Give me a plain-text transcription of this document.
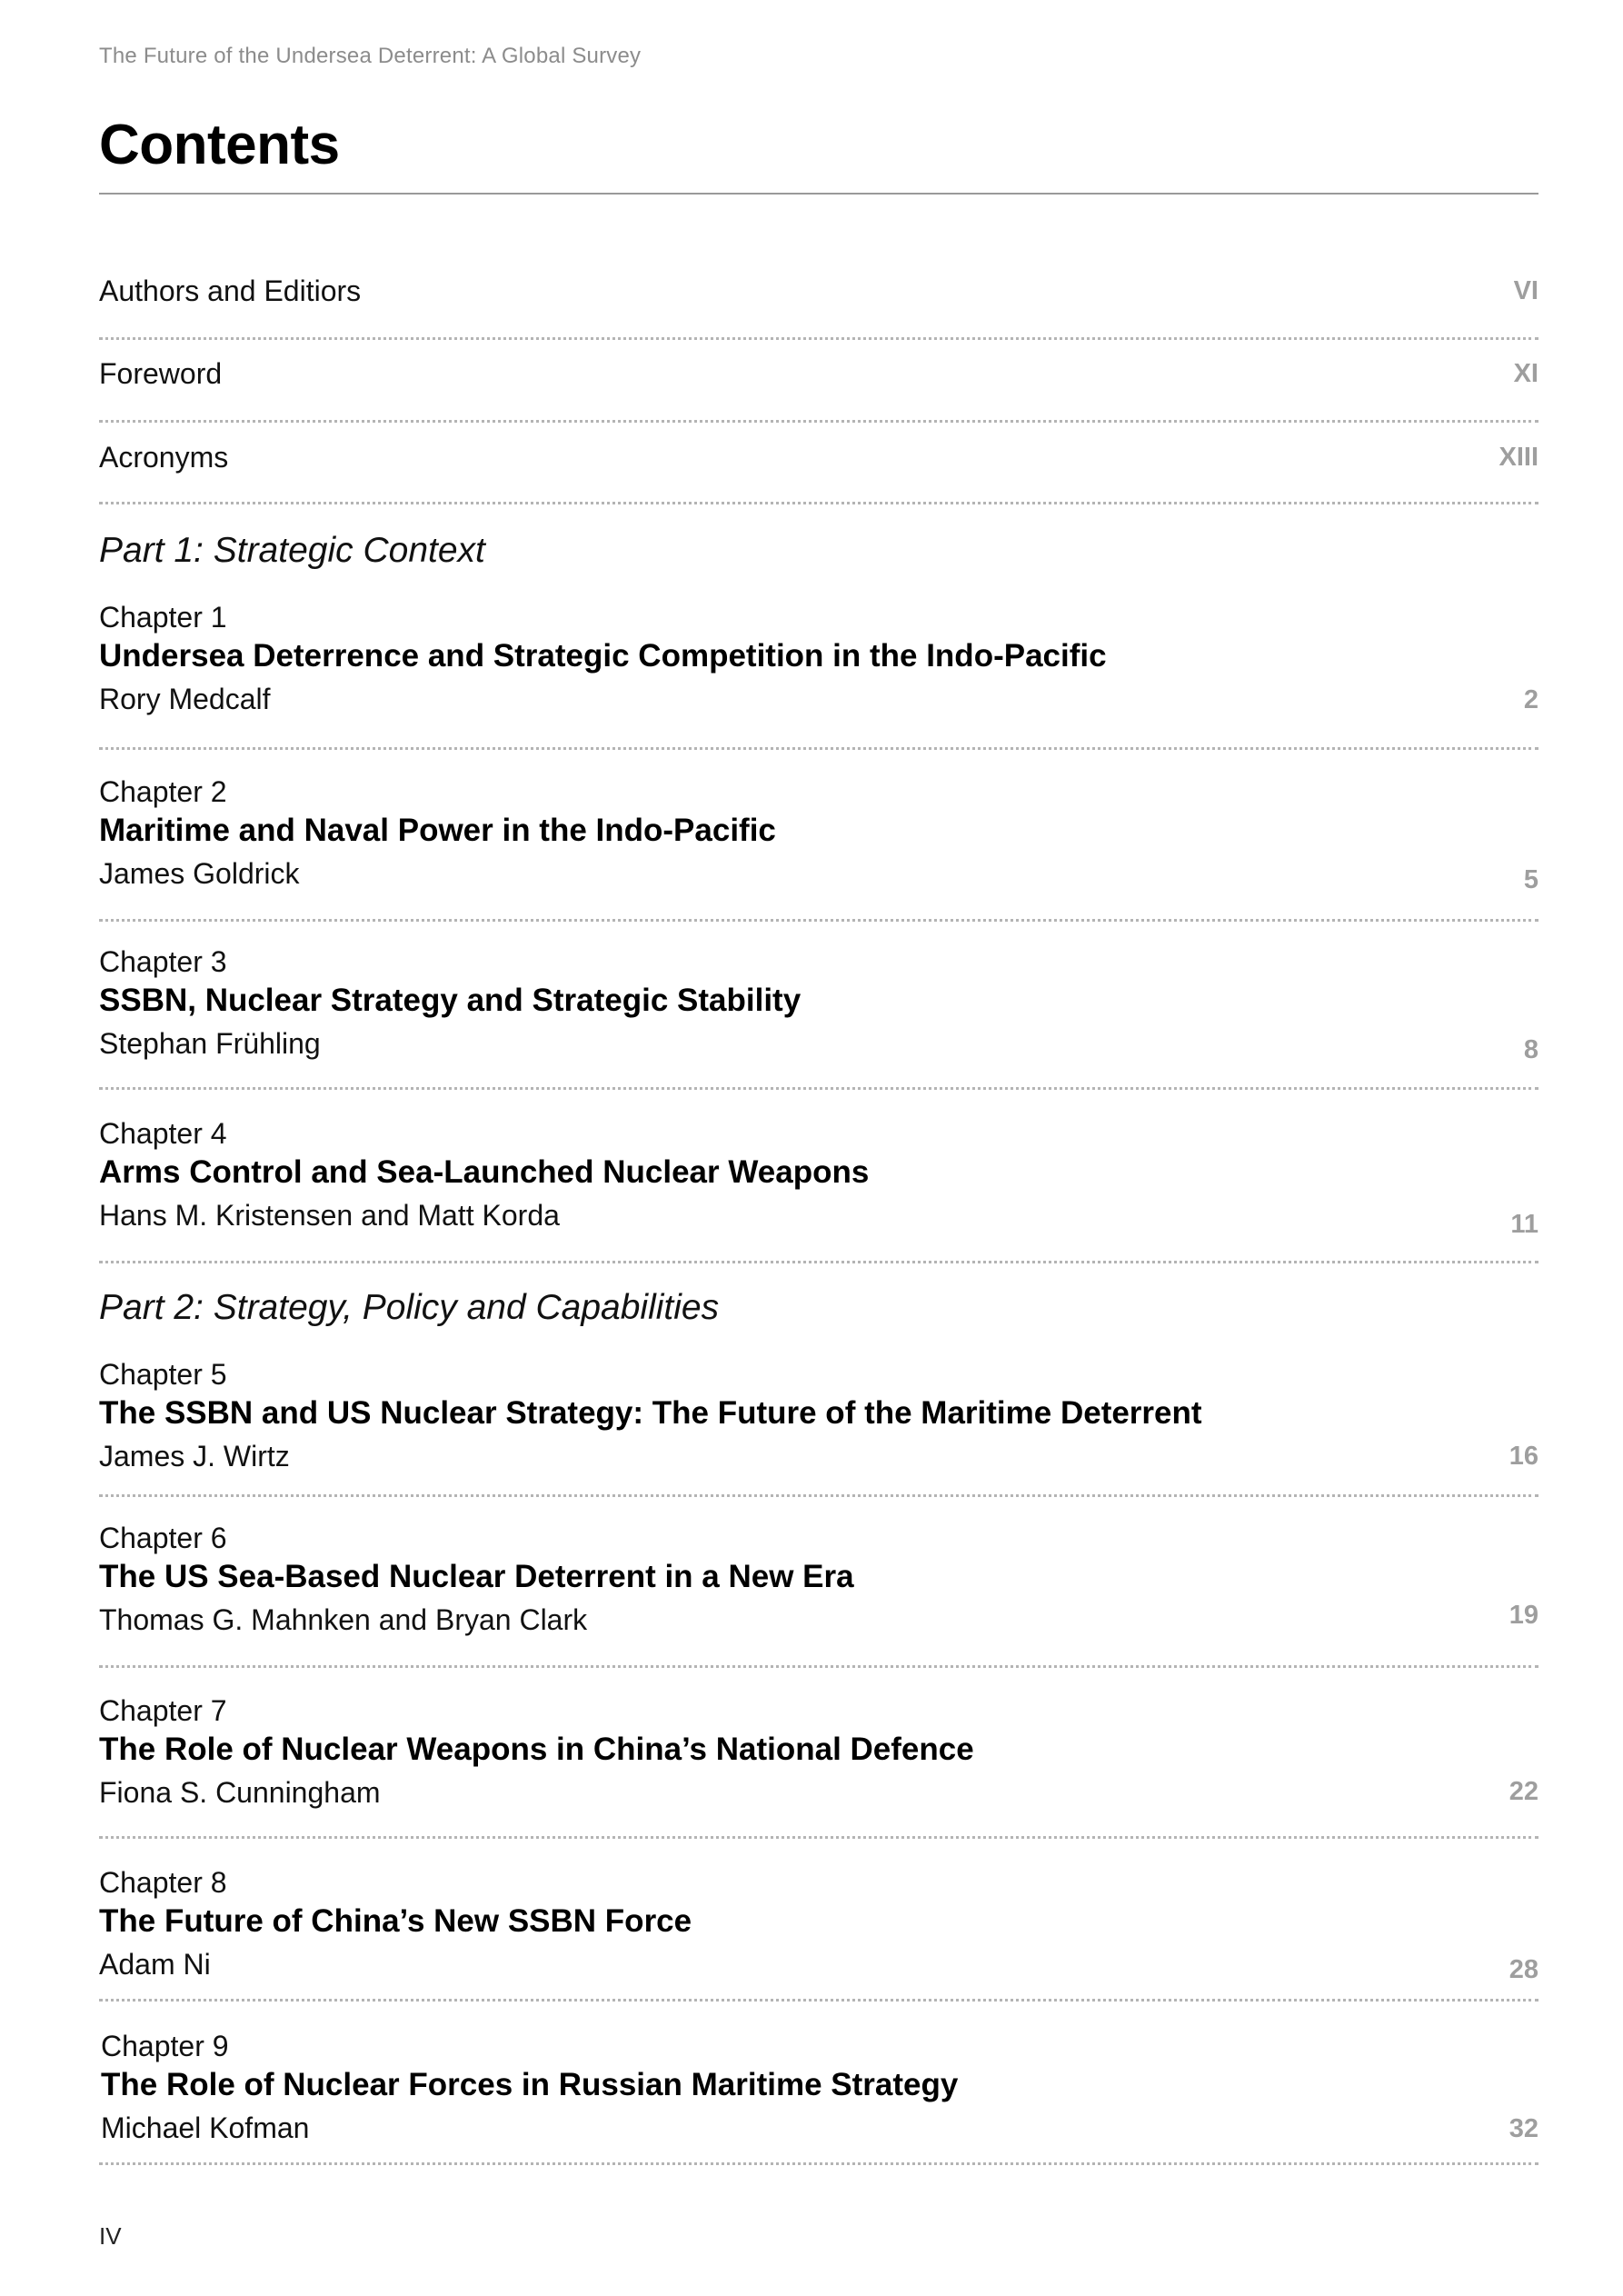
The Future of the Undersea Deterrent: A Global Survey
Contents
Authors and Editiors	VI
Foreword	XI
Acronyms	XIII
Part 1: Strategic Context
Chapter 1
Undersea Deterrence and Strategic Competition in the Indo-Pacific
Rory Medcalf	2
Chapter 2
Maritime and Naval Power in the Indo-Pacific
James Goldrick	5
Chapter 3
SSBN, Nuclear Strategy and Strategic Stability
Stephan Frühling	8
Chapter 4
Arms Control and Sea-Launched Nuclear Weapons
Hans M. Kristensen and Matt Korda	11
Part 2: Strategy, Policy and Capabilities
Chapter 5
The SSBN and US Nuclear Strategy: The Future of the Maritime Deterrent
James J. Wirtz	16
Chapter 6
The US Sea-Based Nuclear Deterrent in a New Era
Thomas G. Mahnken and Bryan Clark	19
Chapter 7
The Role of Nuclear Weapons in China’s National Defence
Fiona S. Cunningham	22
Chapter 8
The Future of China’s New SSBN Force
Adam Ni	28
Chapter 9
The Role of Nuclear Forces in Russian Maritime Strategy
Michael Kofman	32
IV
